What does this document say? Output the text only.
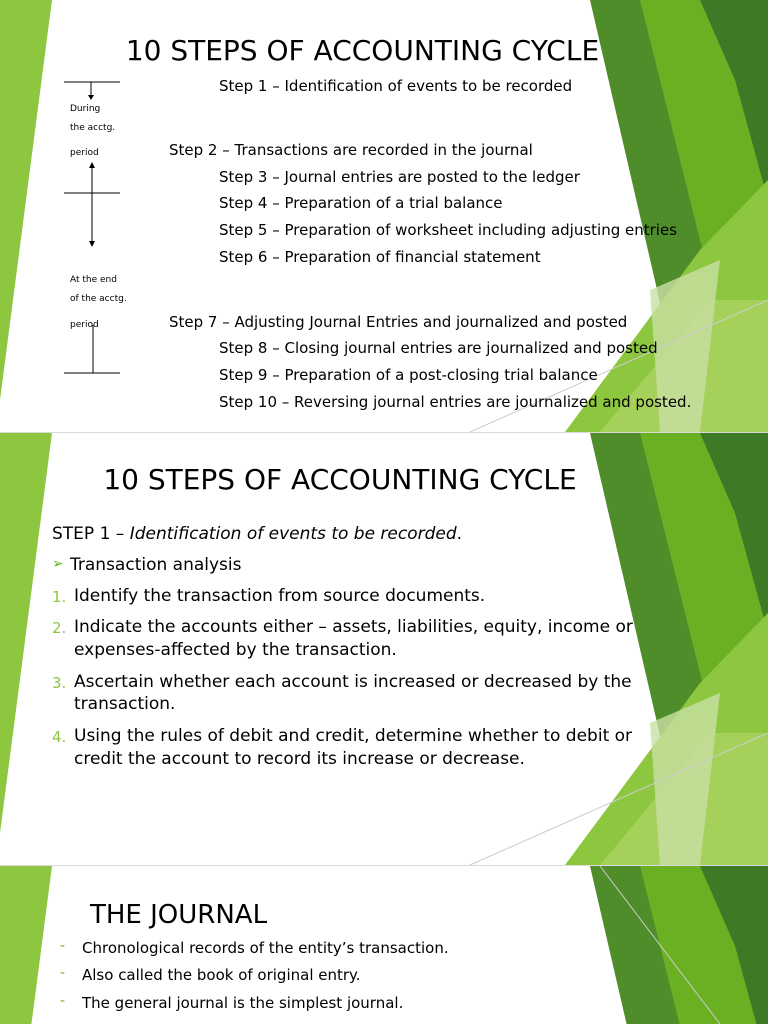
10 STEPS OF ACCOUNTING CYCLE
During
the acctg.
period
At the end
of the acctg.
period
Step 1 – Identification of events to be recorded
Step 2 – Transactions are recorded in the journal
Step 3 – Journal entries are posted to the ledger
Step 4 – Preparation of a trial balance
Step 5 – Preparation of worksheet including adjusting entries
Step 6 – Preparation of financial statement
Step 7 – Adjusting Journal Entries and journalized and posted
Step 8 – Closing journal entries are journalized and posted
Step 9 – Preparation of a post-closing trial balance
Step 10 – Reversing journal entries are journalized and posted.
10 STEPS OF ACCOUNTING CYCLE
STEP 1 – Identification of events to be recorded.
➢ Transaction analysis
1. Identify the transaction from source documents.
2. Indicate the accounts either – assets, liabilities, equity, income or
expenses-affected by the transaction.
3. Ascertain whether each account is increased or decreased by the
transaction.
4. Using the rules of debit and credit, determine whether to debit or
credit the account to record its increase or decrease.
THE JOURNAL
- Chronological records of the entity’s transaction.
- Also called the book of original entry.
- The general journal is the simplest journal.
